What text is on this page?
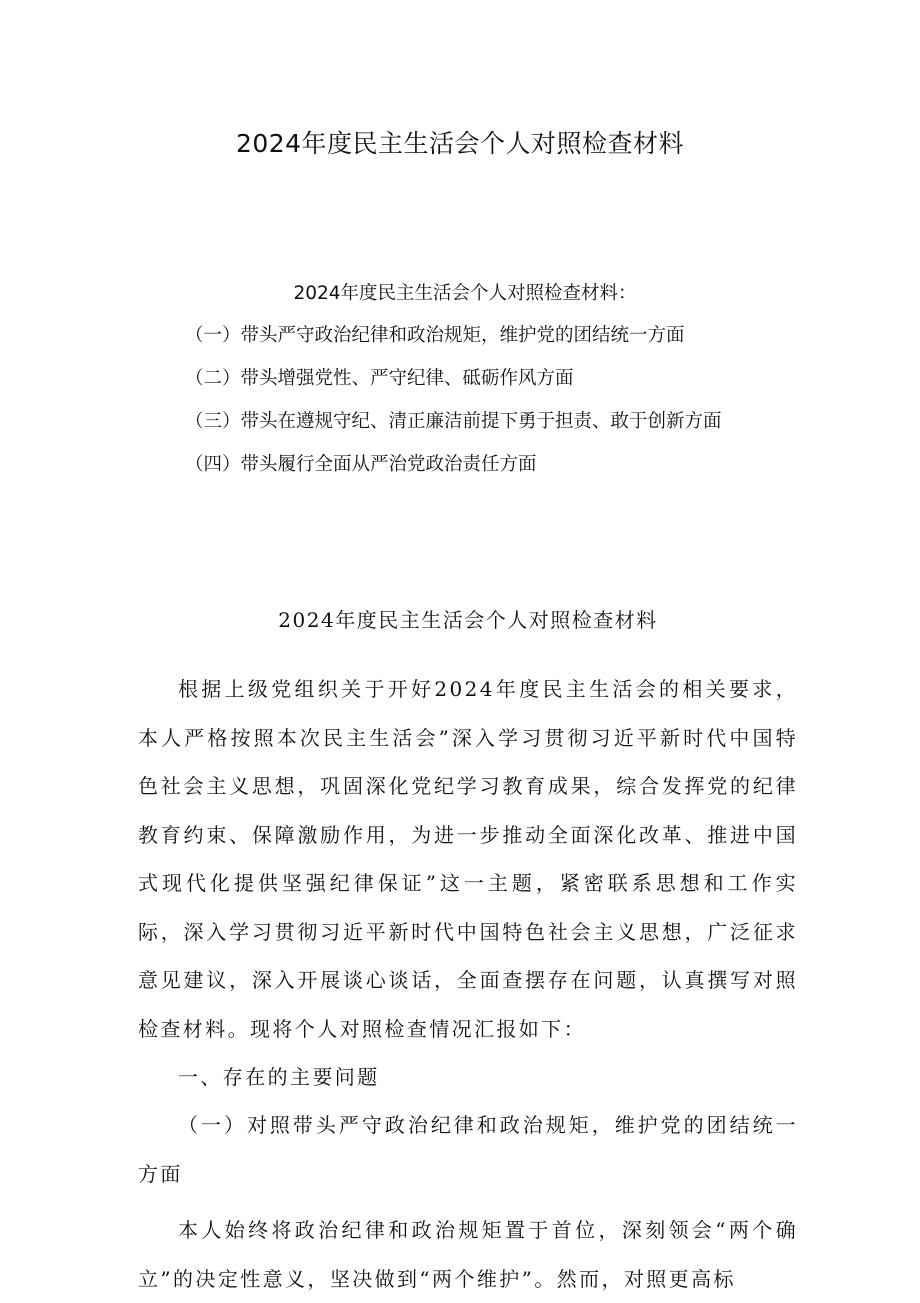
2024年度民主生活会个人对照检查材料
2024年度民主生活会个人对照检查材料：
（一）带头严守政治纪律和政治规矩，维护党的团结统一方面
（二）带头增强党性、严守纪律、砥砺作风方面
（三）带头在遵规守纪、清正廉洁前提下勇于担责、敢于创新方面
（四）带头履行全面从严治党政治责任方面
2024年度民主生活会个人对照检查材料

根据上级党组织关于开好2024年度民主生活会的相关要求，本人严格按照本次民主生活会”深入学习贯彻习近平新时代中国特色社会主义思想，巩固深化党纪学习教育成果，综合发挥党的纪律教育约束、保障激励作用，为进一步推动全面深化改革、推进中国式现代化提供坚强纪律保证”这一主题，紧密联系思想和工作实际，深入学习贯彻习近平新时代中国特色社会主义思想，广泛征求意见建议，深入开展谈心谈话，全面查摆存在问题，认真撰写对照检查材料。现将个人对照检查情况汇报如下：

一、存在的主要问题

（一）对照带头严守政治纪律和政治规矩，维护党的团结统一方面

本人始终将政治纪律和政治规矩置于首位，深刻领会“两个确立”的决定性意义，坚决做到“两个维护”。然而，对照更高标
